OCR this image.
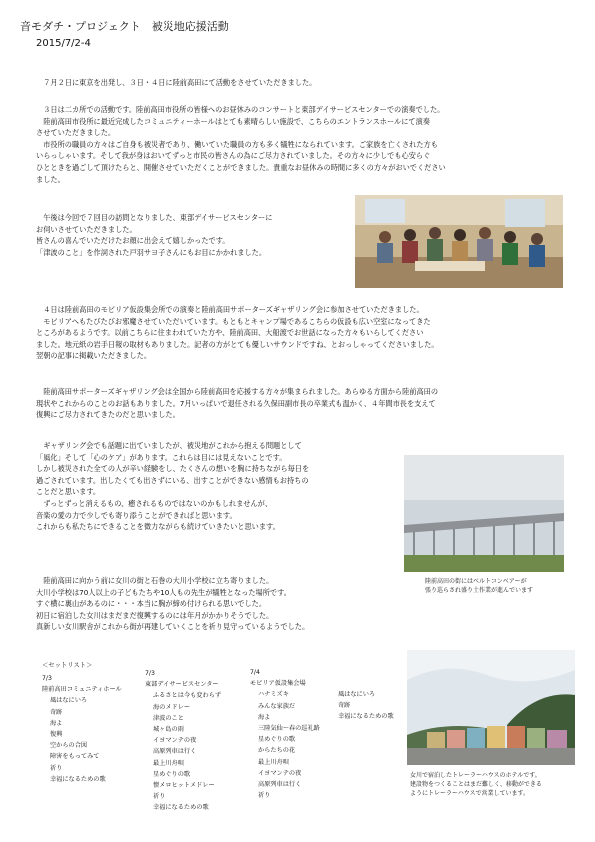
音モダチ・プロジェクト　被災地応援活動
2015/7/2-4
　７月２日に東京を出発し、３日・４日に陸前高田にて活動をさせていただきました。
　３日は二カ所での活動です。陸前高田市役所の皆様へのお昼休みのコンサートと東部デイサービスセンターでの演奏でした。
　陸前高田市役所に最近完成したコミュニティーホールはとても素晴らしい施設で、こちらのエントランスホールにて演奏
させていただきました。
　市役所の職員の方々はご自身も被災者であり、働いていた職員の方も多く犠牲になられています。ご家族を亡くされた方も
いらっしゃいます。そして我が身はおいてずっと市民の皆さんの為にご尽力されていました。その方々に少しでも心安らぐ
ひとときを過ごして頂けたらと、開催させていただくことができました。貴重なお昼休みの時間に多くの方々がおいでください
ました。
　午後は今回で７回目の訪問となりました、東部デイサービスセンターに
お伺いさせていただきました。
皆さんの喜んでいただけたお顔に出会えて嬉しかったです。
「津波のこと」を作詞された戸羽サヨ子さんにもお目にかかれました。
　４日は陸前高田のモビリア仮設集会所での演奏と陸前高田サポーターズギャザリング会に参加させていただきました。
　モビリアへもたびたびお邪魔させていただいています。もともとキャンプ場であるこちらの仮設も広い空室になってきた
ところがあるようです。以前こちらに住まわれていた方や、陸前高田、大船渡でお世話になった方々もいらしてください
ました。地元紙の岩手日報の取材もありました。記者の方がとても優しいサウンドですね、とおっしゃってくださいました。
翌朝の記事に掲載いただきました。
　陸前高田サポーターズギャザリング会は全国から陸前高田を応援する方々が集まられました。あらゆる方面から陸前高田の
現状やこれからのことのお話もありました。7月いっぱいで退任される久保田副市長の卒業式も温かく、４年間市長を支えて
復興にご尽力されてきたのだと思いました。
　ギャザリング会でも話題に出ていましたが、被災地がこれから抱える問題として
「風化」そして「心のケア」があります。これらは目には見えないことです。
しかし被災された全ての人が辛い経験をし、たくさんの想いを胸に持ちながら毎日を
過ごされています。出したくても出さずにいる、出すことができない感情もお持ちの
ことだと思います。
　ずっとずっと消えるもの、癒されるものではないのかもしれませんが、
音楽の愛の力で少しでも寄り添うことができればと思います。
これからも私たちにできることを微力ながらも続けていきたいと思います。
　陸前高田に向かう前に女川の街と石巻の大川小学校に立ち寄りました。
大川小学校は70人以上の子どもたちや10人もの先生が犠牲となった場所です。
すぐ横に裏山があるのに・・・本当に胸が締め付けられる思いでした。
初日に宿泊した女川はまだまだ復興するのには年月がかかりそうでした。
真新しい女川駅舎がこれから街が再建していくことを祈り見守っているようでした。
陸前高田の街にはベルトコンベアーが
張り巡らされ盛り土作業が進んでいます
女川で宿泊したトレーラーハウスのホテルです。
建設物をつくることはまだ難しく、移動ができる
ようにトレーラーハウスで営業しています。
＜セットリスト＞
7/3
陸前高田コミュニティホール
風はなにいろ
奇跡
海よ
復興
空からの合図
障害をもってみて
祈り
幸福になるための歌
7/3
東部デイサービスセンター
ふるさとは今も変わらず
海のメドレー
津波のこと
城ヶ島の雨
イヨマンテの夜
高原列車は行く
最上川舟唄
星めぐりの歌
懐メロヒットメドレー
祈り
幸福になるための歌
7/4
モビリア仮設集会場
ハナミズキ
みんな家族だ
海よ
三陸気仙〜春の巡礼路
星めぐりの歌
からたちの花
最上川舟唄
イヨマンテの夜
高原列車は行く
祈り
風はなにいろ
奇跡
幸福になるための歌
